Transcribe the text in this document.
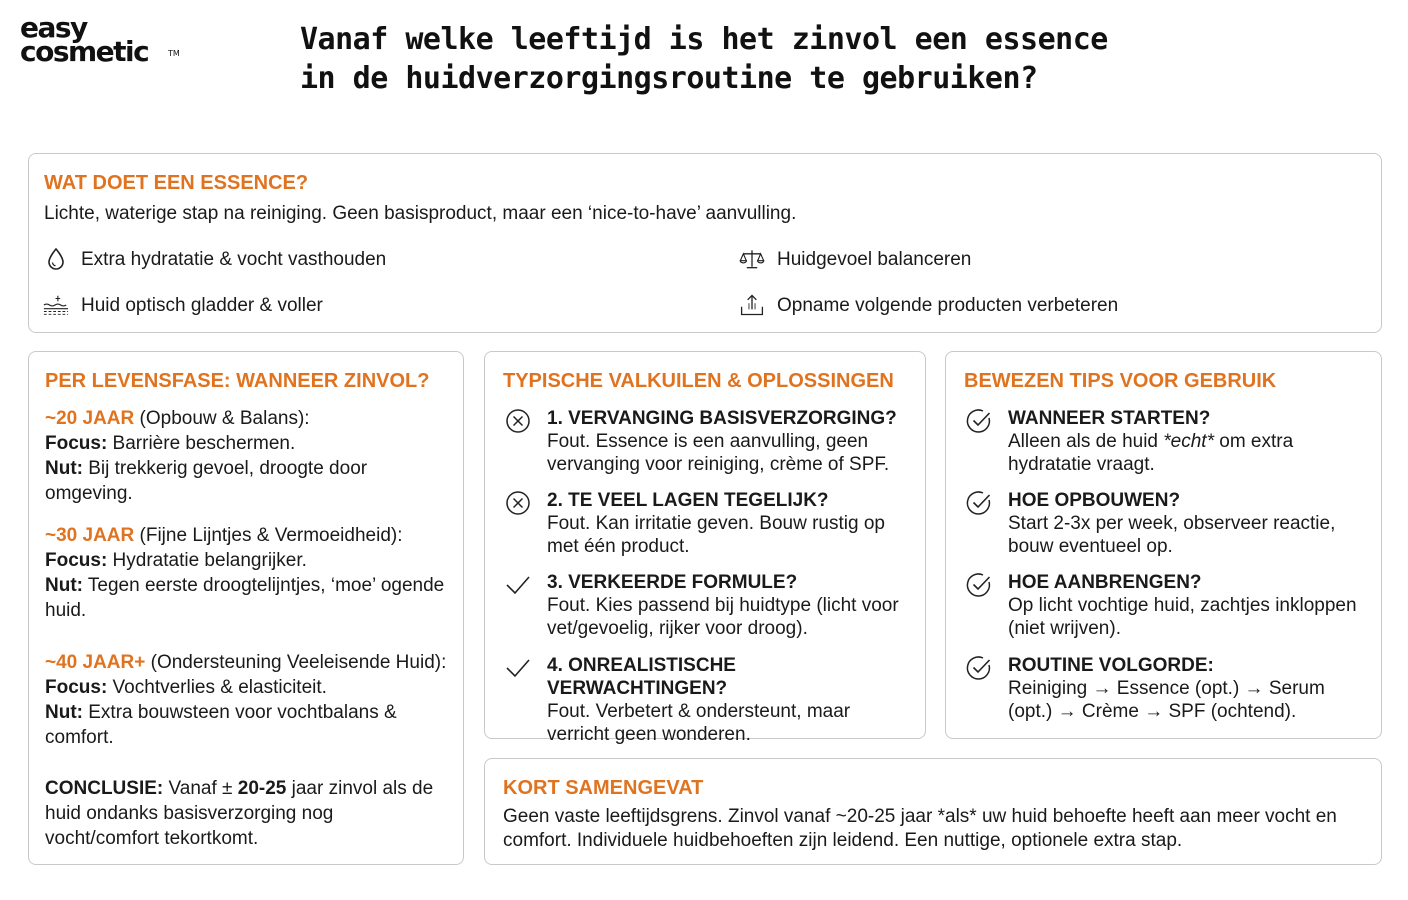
easy
cosmetic TM	Vanaf welke leeftijd is het zinvol een essence in de huidverzorgingsroutine te gebruiken?
WAT DOET EEN ESSENCE?

Lichte, waterige stap na reiniging. Geen basisproduct, maar een ‘nice-to-have’ aanvulling.

Extra hydratatie & vocht vasthouden	Huidgevoel balanceren
Huid optisch gladder & voller	Opname volgende producten verbeteren
PER LEVENSFASE: WANNEER ZINVOL?
~20 JAAR (Opbouw & Balans):
Focus: Barrière beschermen.
Nut: Bij trekkerig gevoel, droogte door omgeving.
~30 JAAR (Fijne Lijntjes & Vermoeidheid):
Focus: Hydratatie belangrijker.
Nut: Tegen eerste droogtelijntjes, ‘moe’ ogende huid.
~40 JAAR+ (Ondersteuning Veeleisende Huid):
Focus: Vochtverlies & elasticiteit.
Nut: Extra bouwsteen voor vochtbalans & comfort.
CONCLUSIE: Vanaf ± 20-25 jaar zinvol als de huid ondanks basisverzorging nog vocht/comfort tekortkomt.
TYPISCHE VALKUILEN & OPLOSSINGEN
1. VERVANGING BASISVERZORGING?
Fout. Essence is een aanvulling, geen vervanging voor reiniging, crème of SPF.
2. TE VEEL LAGEN TEGELIJK?
Fout. Kan irritatie geven. Bouw rustig op met één product.
3. VERKEERDE FORMULE?
Fout. Kies passend bij huidtype (licht voor vet/gevoelig, rijker voor droog).
4. ONREALISTISCHE VERWACHTINGEN?
Fout. Verbetert & ondersteunt, maar verricht geen wonderen.
BEWEZEN TIPS VOOR GEBRUIK
WANNEER STARTEN?
Alleen als de huid *echt* om extra hydratatie vraagt.
HOE OPBOUWEN?
Start 2-3x per week, observeer reactie, bouw eventueel op.
HOE AANBRENGEN?
Op licht vochtige huid, zachtjes inkloppen (niet wrijven).
ROUTINE VOLGORDE:
Reiniging → Essence (opt.) → Serum (opt.) → Crème → SPF (ochtend).
KORT SAMENGEVAT

Geen vaste leeftijdsgrens. Zinvol vanaf ~20-25 jaar *als* uw huid behoefte heeft aan meer vocht en comfort. Individuele huidbehoeften zijn leidend. Een nuttige, optionele extra stap.
